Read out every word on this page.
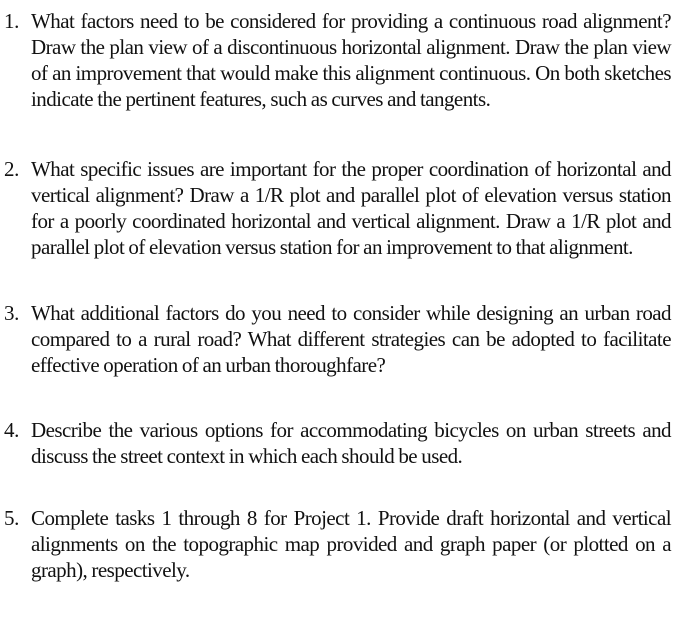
1. What factors need to be considered for providing a continuous road alignment? Draw the plan view of a discontinuous horizontal alignment. Draw the plan view of an improvement that would make this alignment continuous. On both sketches indicate the pertinent features, such as curves and tangents.

2. What specific issues are important for the proper coordination of horizontal and vertical alignment? Draw a 1/R plot and parallel plot of elevation versus station for a poorly coordinated horizontal and vertical alignment. Draw a 1/R plot and parallel plot of elevation versus station for an improvement to that alignment.

3. What additional factors do you need to consider while designing an urban road compared to a rural road? What different strategies can be adopted to facilitate effective operation of an urban thoroughfare?

4. Describe the various options for accommodating bicycles on urban streets and discuss the street context in which each should be used.

5. Complete tasks 1 through 8 for Project 1. Provide draft horizontal and vertical alignments on the topographic map provided and graph paper (or plotted on a graph), respectively.
